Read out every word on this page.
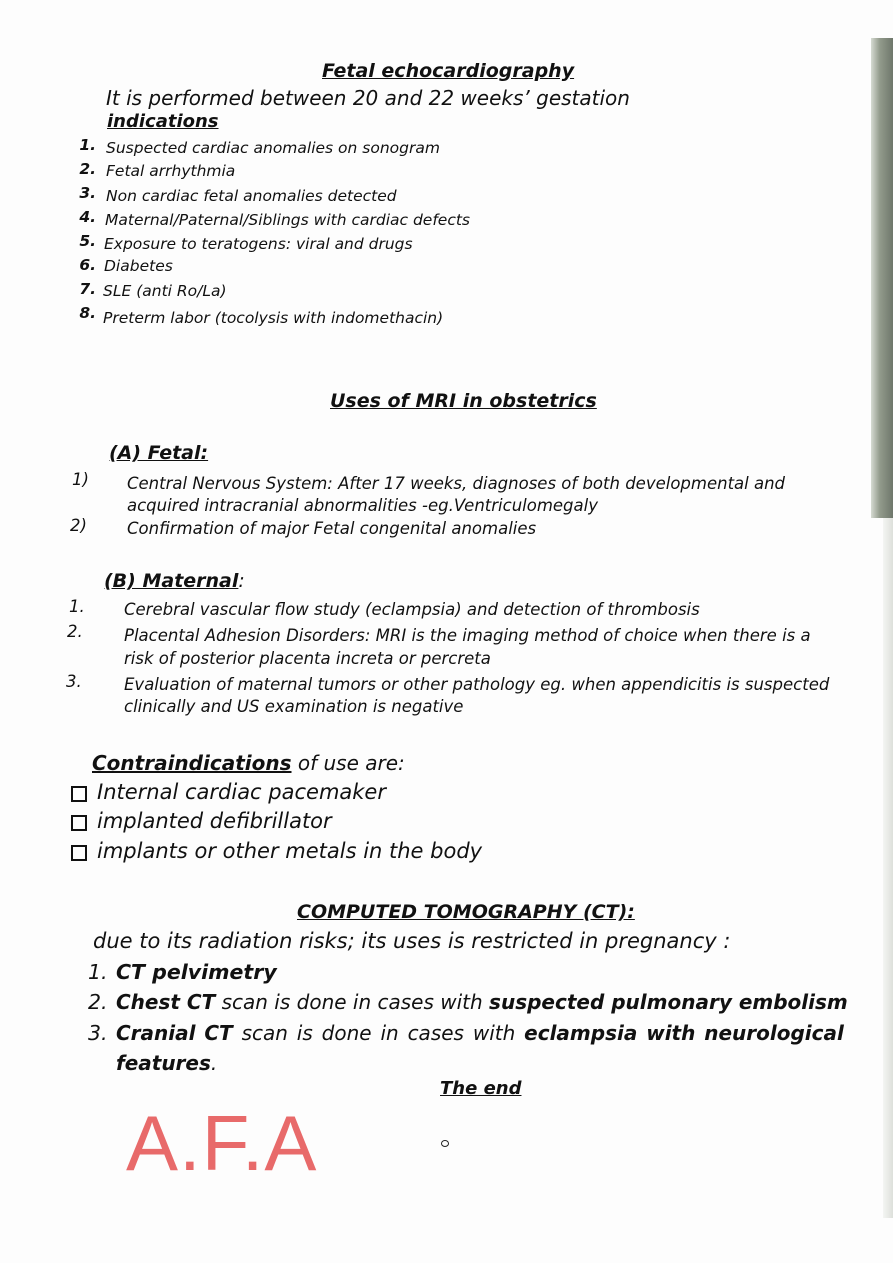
Fetal echocardiography
It is performed between 20 and 22 weeks’ gestation
indications
1. Suspected cardiac anomalies on sonogram
2. Fetal arrhythmia
3. Non cardiac fetal anomalies detected
4. Maternal/Paternal/Siblings with cardiac defects
5. Exposure to teratogens: viral and drugs
6. Diabetes
7. SLE (anti Ro/La)
8. Preterm labor (tocolysis with indomethacin)
Uses of MRI in obstetrics
(A) Fetal:
1) Central Nervous System: After 17 weeks, diagnoses of both developmental and
acquired intracranial abnormalities -eg.Ventriculomegaly
2) Confirmation of major Fetal congenital anomalies
(B) Maternal:
1. Cerebral vascular flow study (eclampsia) and detection of thrombosis
2.	Placental Adhesion Disorders: MRI is the imaging method of choice when there is a
risk of posterior placenta increta or percreta
3.	Evaluation of maternal tumors or other pathology eg. when appendicitis is suspected
clinically and US examination is negative
Contraindications of use are:
Internal cardiac pacemaker
implanted defibrillator
implants or other metals in the body
COMPUTED TOMOGRAPHY (CT):
due to its radiation risks; its uses is restricted in pregnancy :
1. CT pelvimetry
2. Chest CT scan is done in cases with suspected pulmonary embolism
3. Cranial CT scan is done in cases with eclampsia with neurological
features.
The end
A.F.A
